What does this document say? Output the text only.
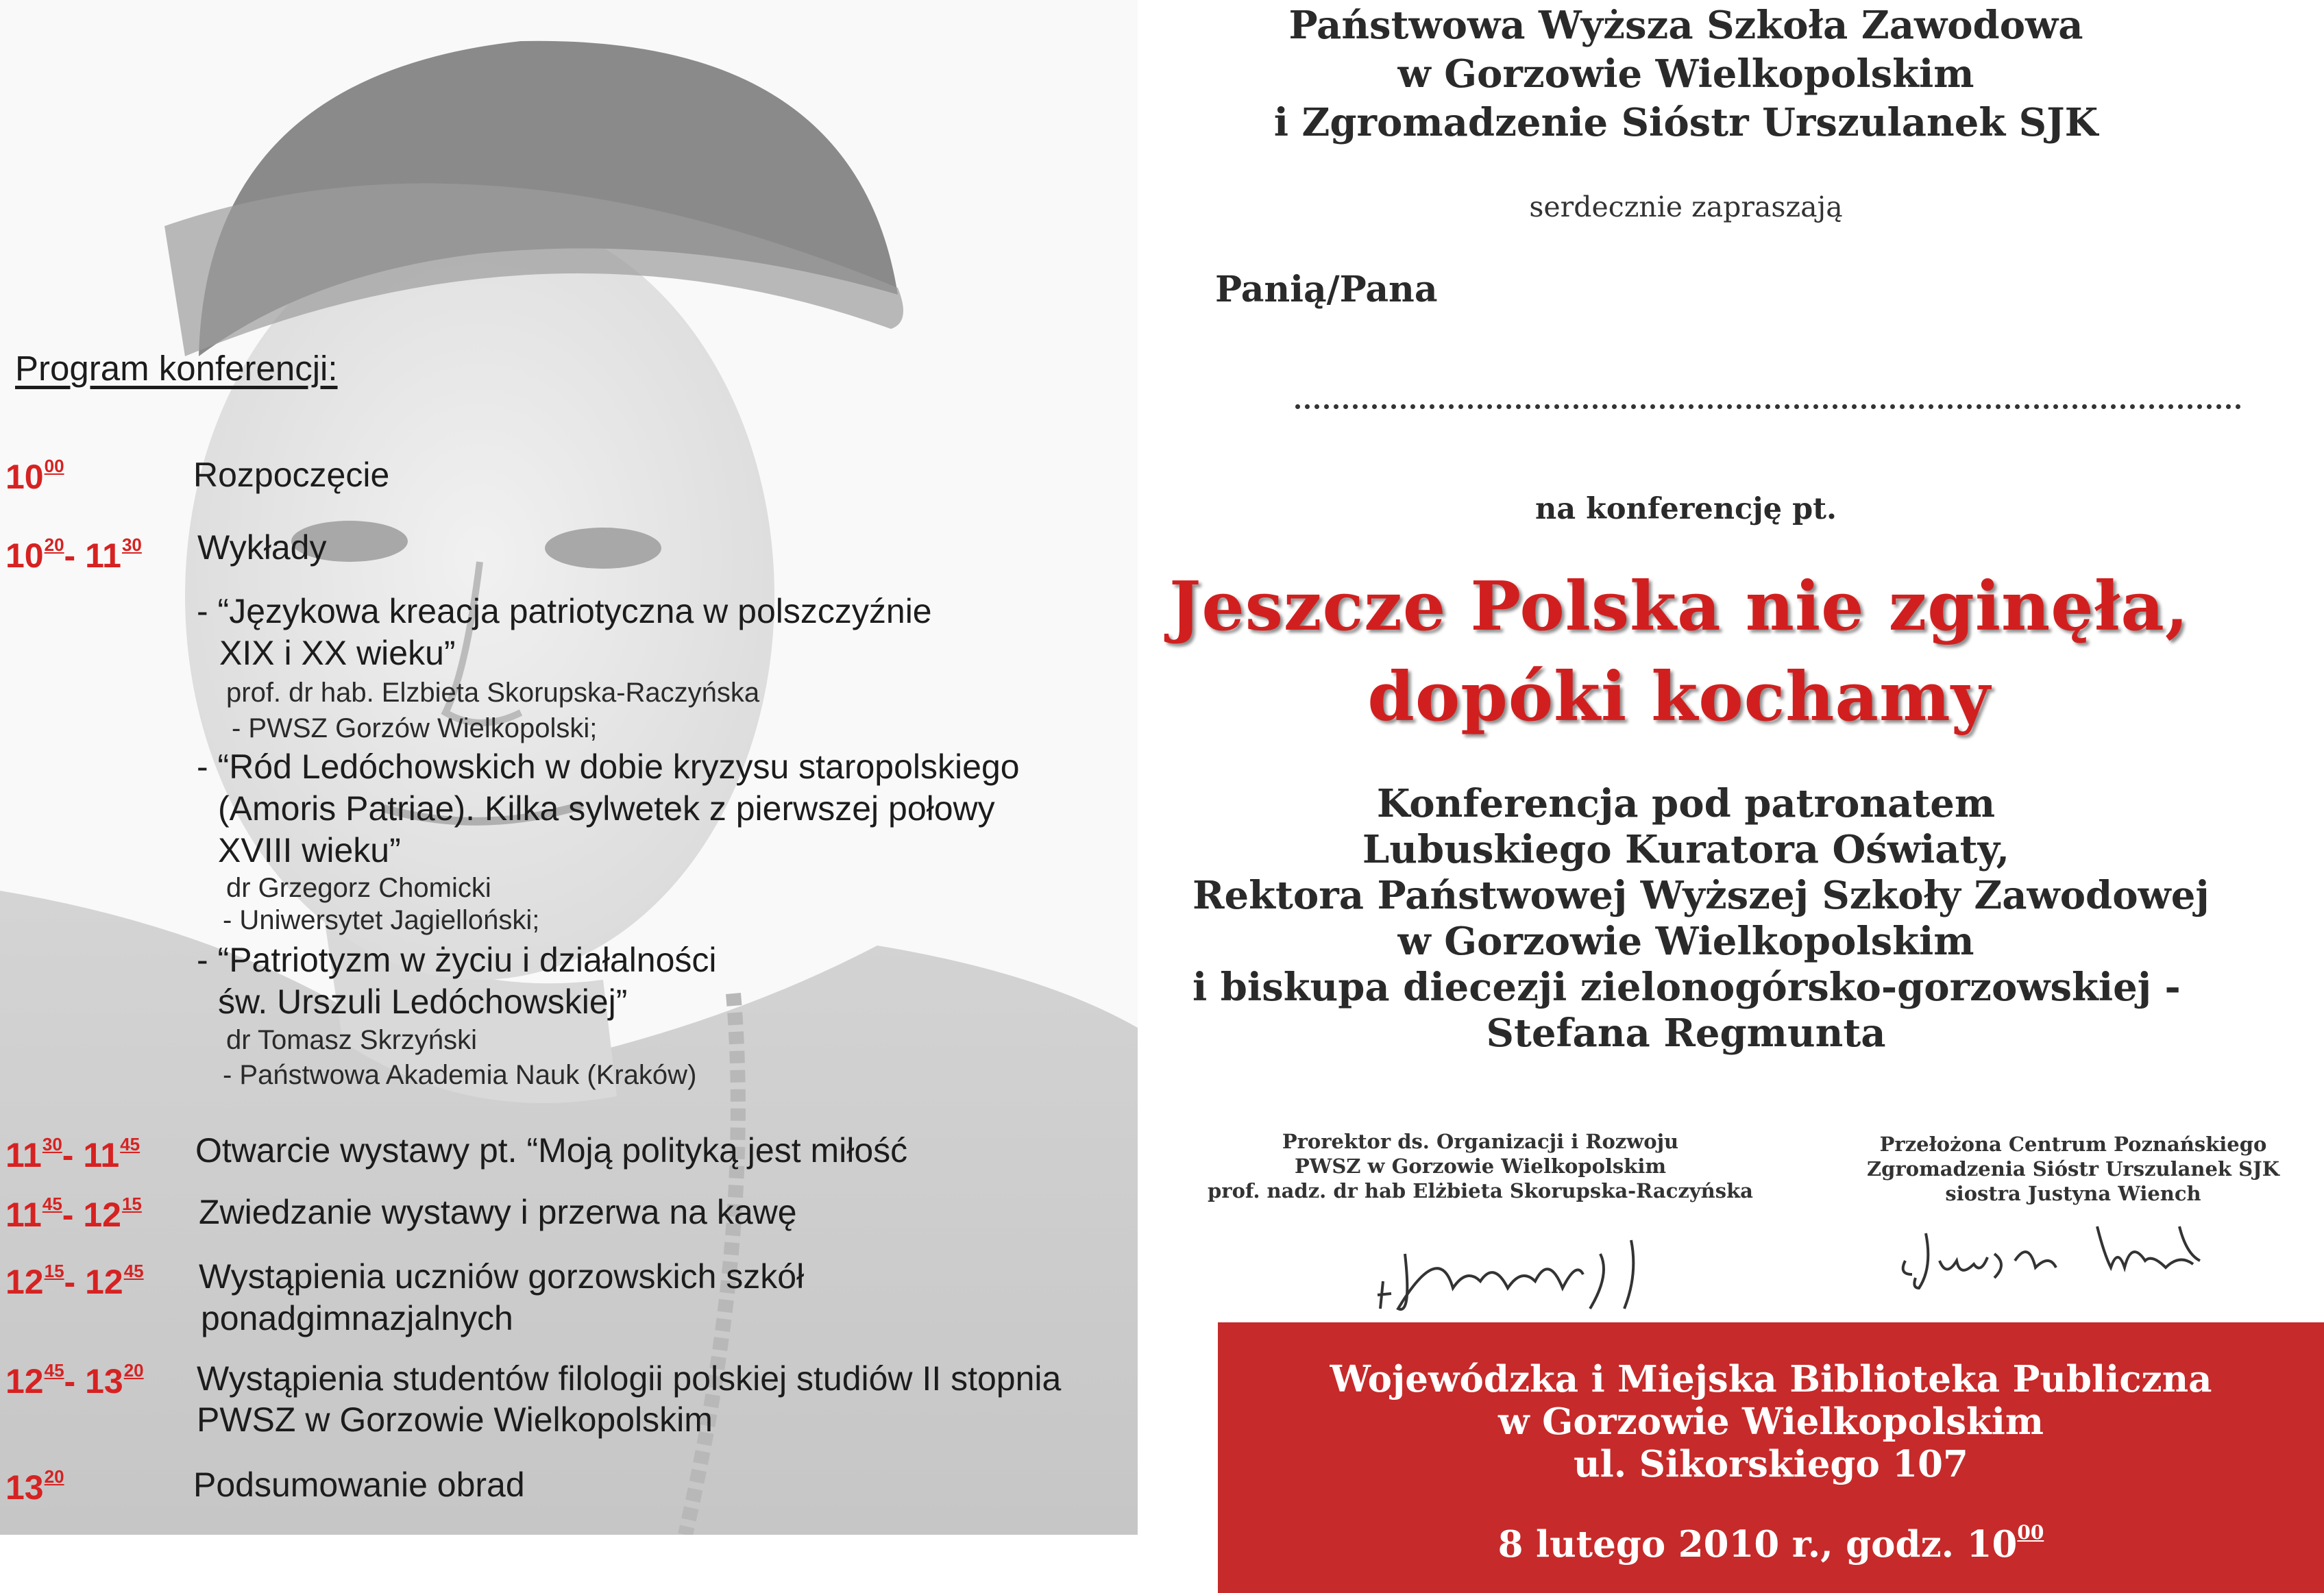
Program konferencji:
$10^{00}$	Rozpoczęcie
$10^{20}-$ $11^{30}$ Wykłady
- “Językowa kreacja patriotyczna w polszczyźnie
XIX i XX wieku”
prof. dr hab. Elzbieta Skorupska-Raczyńska
- PWSZ Gorzów Wielkopolski;
- “Ród Ledóchowskich w dobie kryzysu staropolskiego
(Amoris Patriae). Kilka sylwetek z pierwszej połowy
XVIII wieku”
dr Grzegorz Chomicki
- Uniwersytet Jagielloński;
- “Patriotyzm w życiu i działalności
św. Urszuli Ledóchowskiej”
dr Tomasz Skrzyński
- Państwowa Akademia Nauk (Kraków)
$11^{30}-$ $11^{45}$ Otwarcie wystawy pt. “Moją polityką jest miłość
$11^{45}-$ $12^{15}$ Zwiedzanie wystawy i przerwa na kawę
$12^{15}-$ $12^{45}$ Wystąpienia uczniów gorzowskich szkół
ponadgimnazjalnych
$12^{45}-$ $13^{20}$ Wystąpienia studentów filologii polskiej studiów II stopnia
PWSZ w Gorzowie Wielkopolskim
$13^{20}$	Podsumowanie obrad
Państwowa Wyższa Szkoła Zawodowa
w Gorzowie Wielkopolskim
i Zgromadzenie Sióstr Urszulanek SJK
serdecznie zapraszają
Panią/Pana
na konferencję pt.
Jeszcze Polska nie zginęła,
dopóki kochamy
Konferencja pod patronatem
Lubuskiego Kuratora Oświaty,
Rektora Państwowej Wyższej Szkoły Zawodowej
w Gorzowie Wielkopolskim
i biskupa diecezji zielonogórsko-gorzowskiej -
Stefana Regmunta
Prorektor ds. Organizacji i Rozwoju
PWSZ w Gorzowie Wielkopolskim
prof. nadz. dr hab Elżbieta Skorupska-Raczyńska
Przełożona Centrum Poznańskiego
Zgromadzenia Sióstr Urszulanek SJK
siostra Justyna Wiench
Wojewódzka i Miejska Biblioteka Publiczna
w Gorzowie Wielkopolskim
ul. Sikorskiego 107
8 lutego 2010 r., godz. $10^{00}$
